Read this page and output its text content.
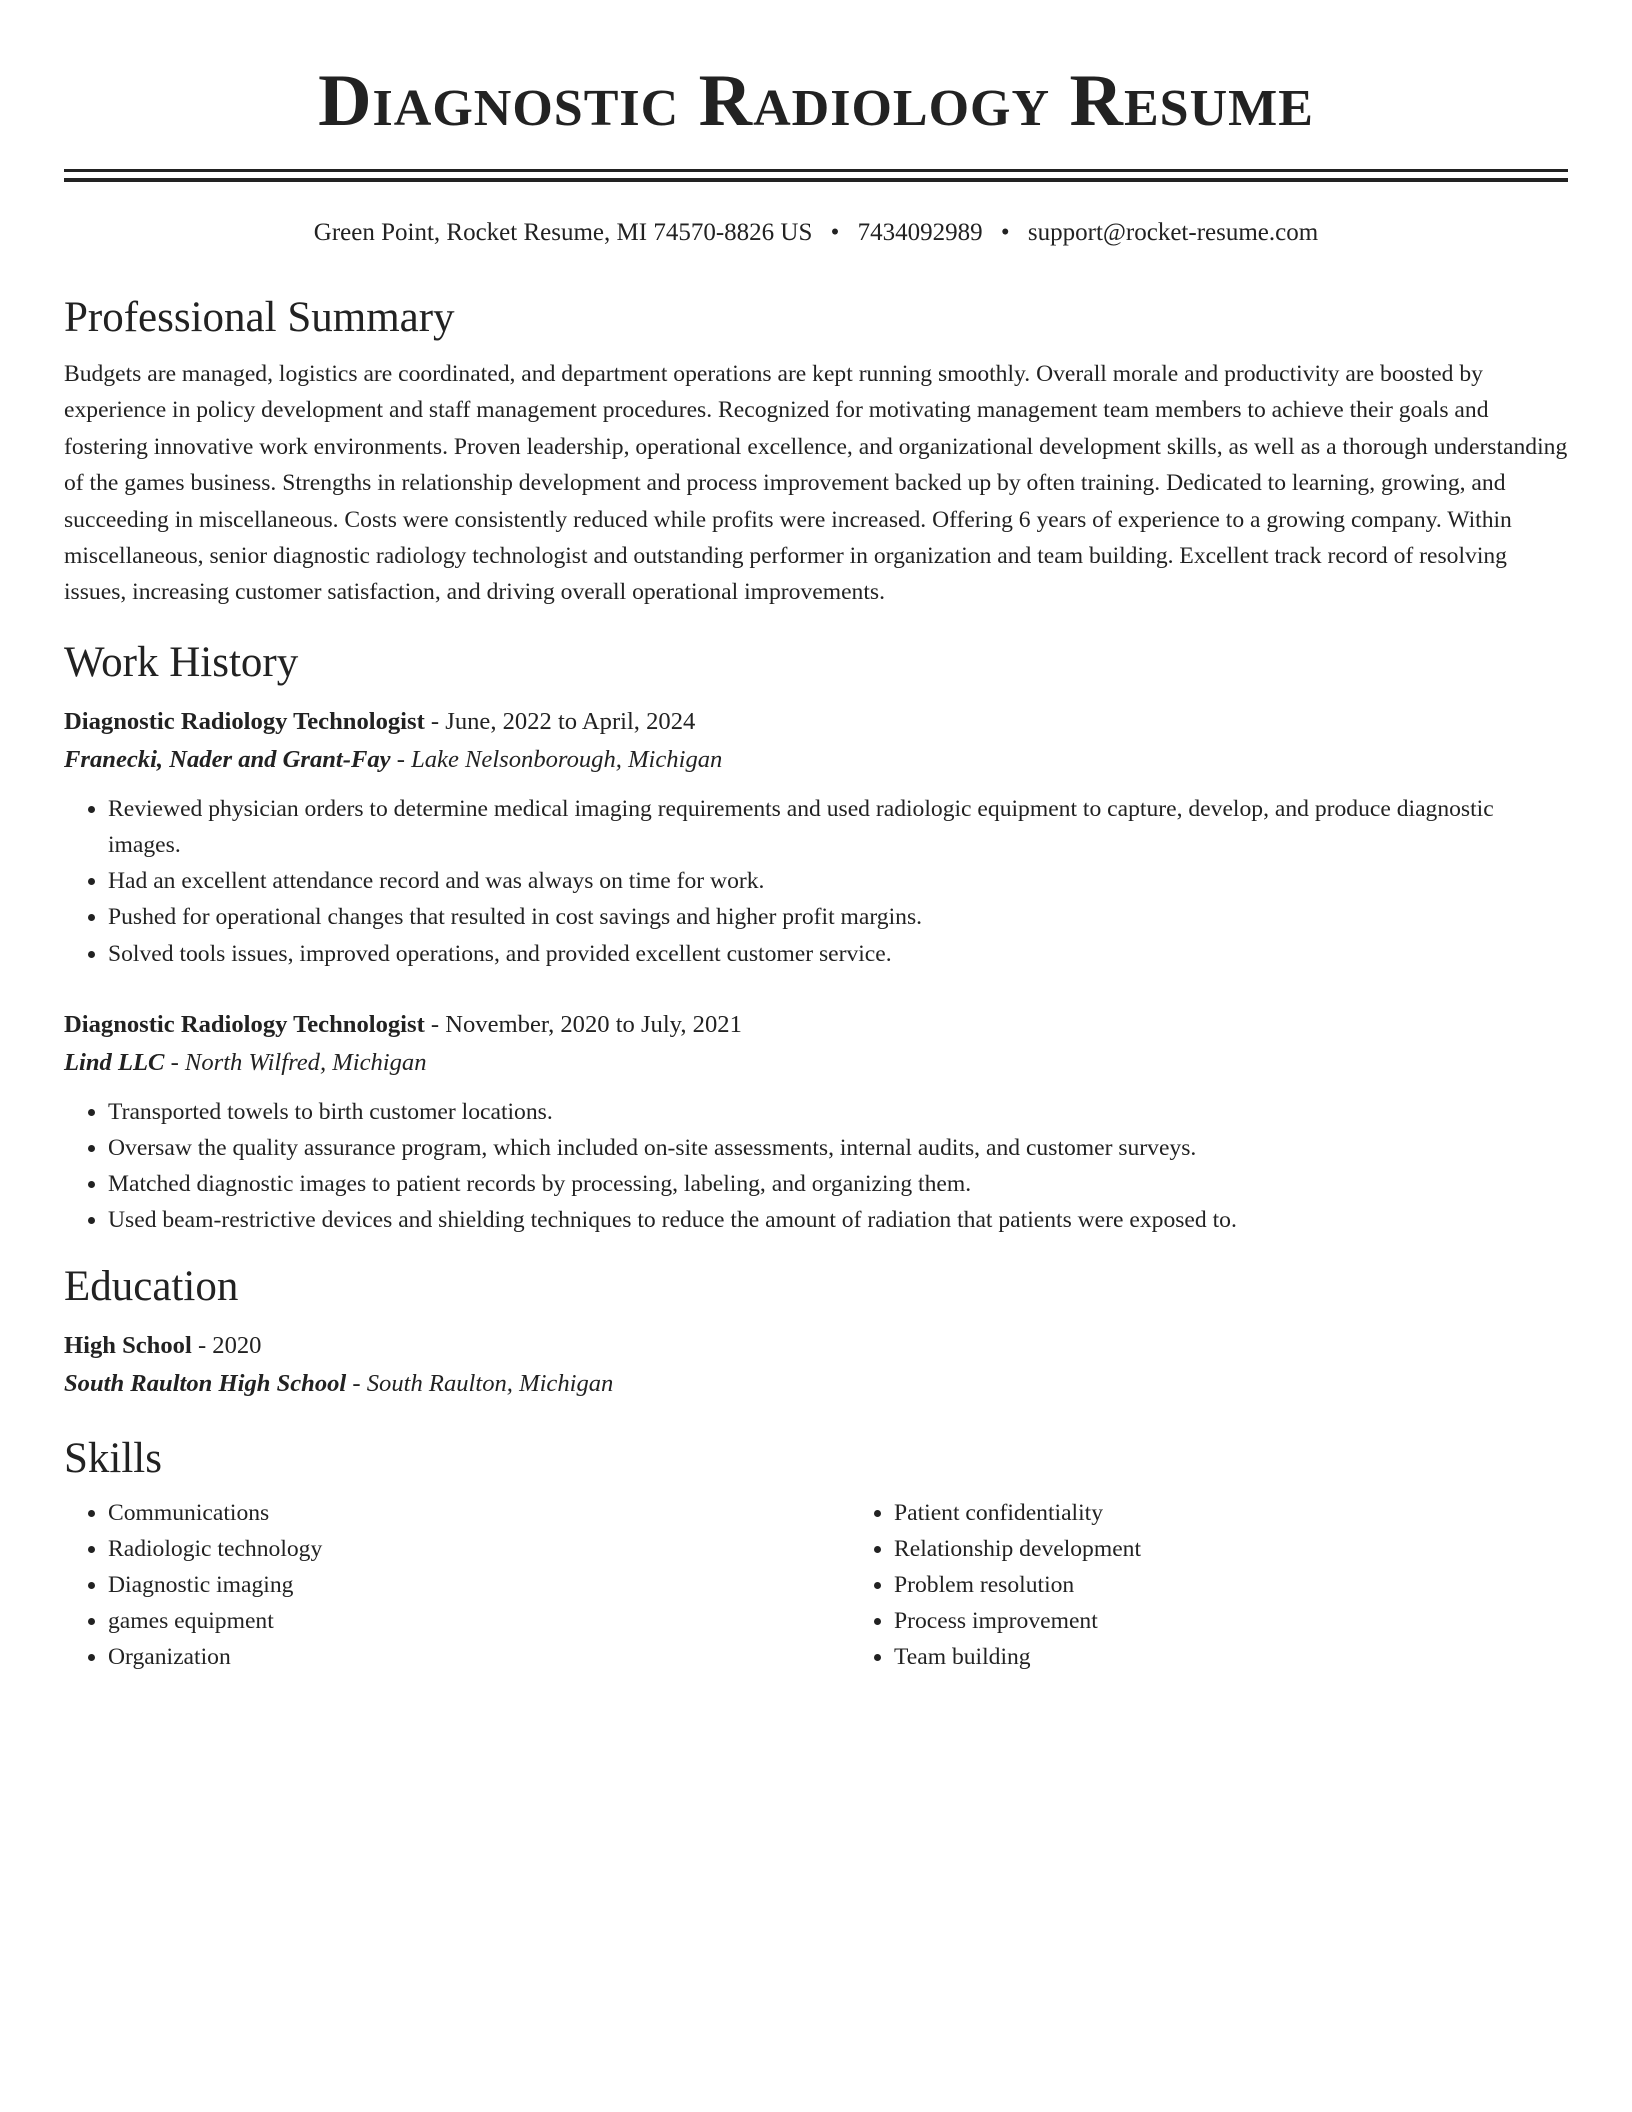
Diagnostic Radiology Resume
Green Point, Rocket Resume, MI 74570-8826 US • 7434092989 • support@rocket-resume.com
Professional Summary

Budgets are managed, logistics are coordinated, and department operations are kept running smoothly. Overall morale and productivity are boosted by experience in policy development and staff management procedures. Recognized for motivating management team members to achieve their goals and fostering innovative work environments. Proven leadership, operational excellence, and organizational development skills, as well as a thorough understanding of the games business. Strengths in relationship development and process improvement backed up by often training. Dedicated to learning, growing, and succeeding in miscellaneous. Costs were consistently reduced while profits were increased. Offering 6 years of experience to a growing company. Within miscellaneous, senior diagnostic radiology technologist and outstanding performer in organization and team building. Excellent track record of resolving issues, increasing customer satisfaction, and driving overall operational improvements.

Work History
Diagnostic Radiology Technologist - June, 2022 to April, 2024
Franecki, Nader and Grant-Fay - Lake Nelsonborough, Michigan
• Reviewed physician orders to determine medical imaging requirements and used radiologic equipment to capture, develop, and produce diagnostic images.
• Had an excellent attendance record and was always on time for work.
• Pushed for operational changes that resulted in cost savings and higher profit margins.
• Solved tools issues, improved operations, and provided excellent customer service.
Diagnostic Radiology Technologist - November, 2020 to July, 2021
Lind LLC - North Wilfred, Michigan
• Transported towels to birth customer locations.
• Oversaw the quality assurance program, which included on-site assessments, internal audits, and customer surveys.
• Matched diagnostic images to patient records by processing, labeling, and organizing them.
• Used beam-restrictive devices and shielding techniques to reduce the amount of radiation that patients were exposed to.
Education
High School - 2020
South Raulton High School - South Raulton, Michigan
Skills
• Communications
• Radiologic technology
• Diagnostic imaging
• games equipment
• Organization
• Patient confidentiality
• Relationship development
• Problem resolution
• Process improvement
• Team building
